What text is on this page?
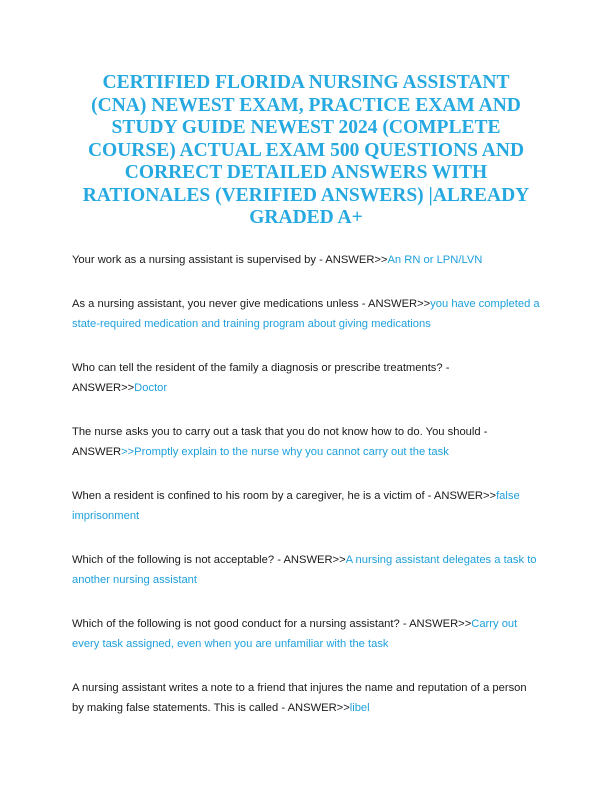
CERTIFIED FLORIDA NURSING ASSISTANT (CNA) NEWEST EXAM, PRACTICE EXAM AND STUDY GUIDE NEWEST 2024 (COMPLETE COURSE) ACTUAL EXAM 500 QUESTIONS AND CORRECT DETAILED ANSWERS WITH RATIONALES (VERIFIED ANSWERS) |ALREADY GRADED A+

Your work as a nursing assistant is supervised by - ANSWER>>An RN or LPN/LVN

As a nursing assistant, you never give medications unless - ANSWER>>you have completed a state-required medication and training program about giving medications

Who can tell the resident of the family a diagnosis or prescribe treatments? - ANSWER>>Doctor

The nurse asks you to carry out a task that you do not know how to do. You should - ANSWER>>Promptly explain to the nurse why you cannot carry out the task

When a resident is confined to his room by a caregiver, he is a victim of - ANSWER>>false imprisonment

Which of the following is not acceptable? - ANSWER>>A nursing assistant delegates a task to another nursing assistant

Which of the following is not good conduct for a nursing assistant? - ANSWER>>Carry out every task assigned, even when you are unfamiliar with the task

A nursing assistant writes a note to a friend that injures the name and reputation of a person by making false statements. This is called - ANSWER>>libel
